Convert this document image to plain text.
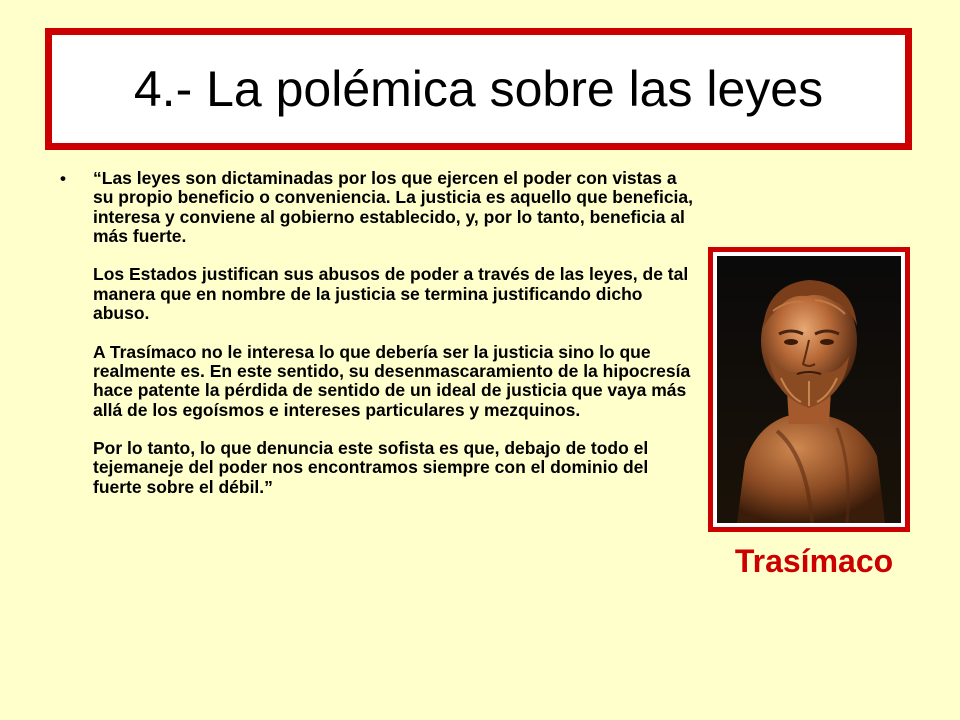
4.- La polémica sobre las leyes
• “Las leyes son dictaminadas por los que ejercen el poder con vistas a su propio beneficio o conveniencia. La justicia es aquello que beneficia, interesa y conviene al gobierno establecido, y, por lo tanto, beneficia al más fuerte.

Los Estados justifican sus abusos de poder a través de las leyes, de tal manera que en nombre de la justicia se termina justificando dicho abuso.

A Trasímaco no le interesa lo que debería ser la justicia sino lo que realmente es. En este sentido, su desenmascaramiento de la hipocresía hace patente la pérdida de sentido de un ideal de justicia que vaya más allá de los egoísmos e intereses particulares y mezquinos.

Por lo tanto, lo que denuncia este sofista es que, debajo de todo el tejemaneje del poder nos encontramos siempre con el dominio del fuerte sobre el débil.”

Trasímaco
